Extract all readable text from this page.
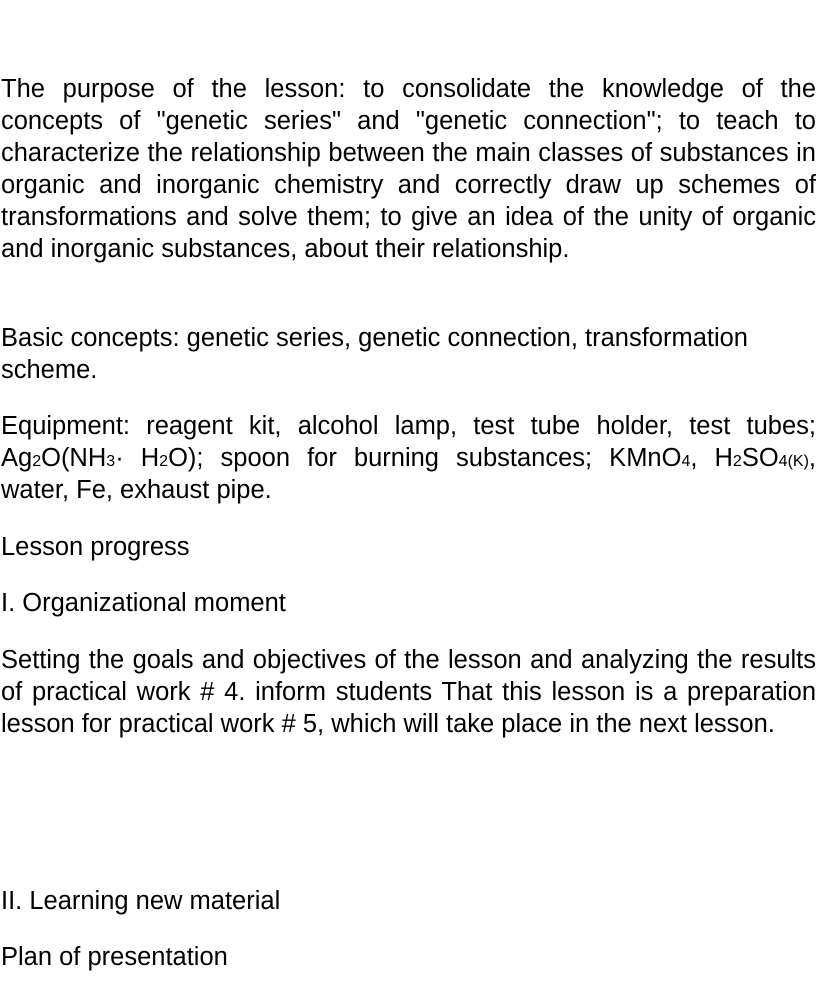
The purpose of the lesson: to consolidate the knowledge of the concepts of "genetic series" and "genetic connection"; to teach to characterize the relationship between the main classes of substances in organic and inorganic chemistry and correctly draw up schemes of transformations and solve them; to give an idea of the unity of organic and inorganic substances, about their relationship.

Basic concepts: genetic series, genetic connection, transformation scheme.

Equipment: reagent kit, alcohol lamp, test tube holder, test tubes; Ag2O(NH3· H2O); spoon for burning substances; KMnO4, H2SO4(K), water, Fe, exhaust pipe.

Lesson progress

I. Organizational moment

Setting the goals and objectives of the lesson and analyzing the results of practical work # 4. inform students That this lesson is a preparation lesson for practical work # 5, which will take place in the next lesson.

II. Learning new material

Plan of presentation
